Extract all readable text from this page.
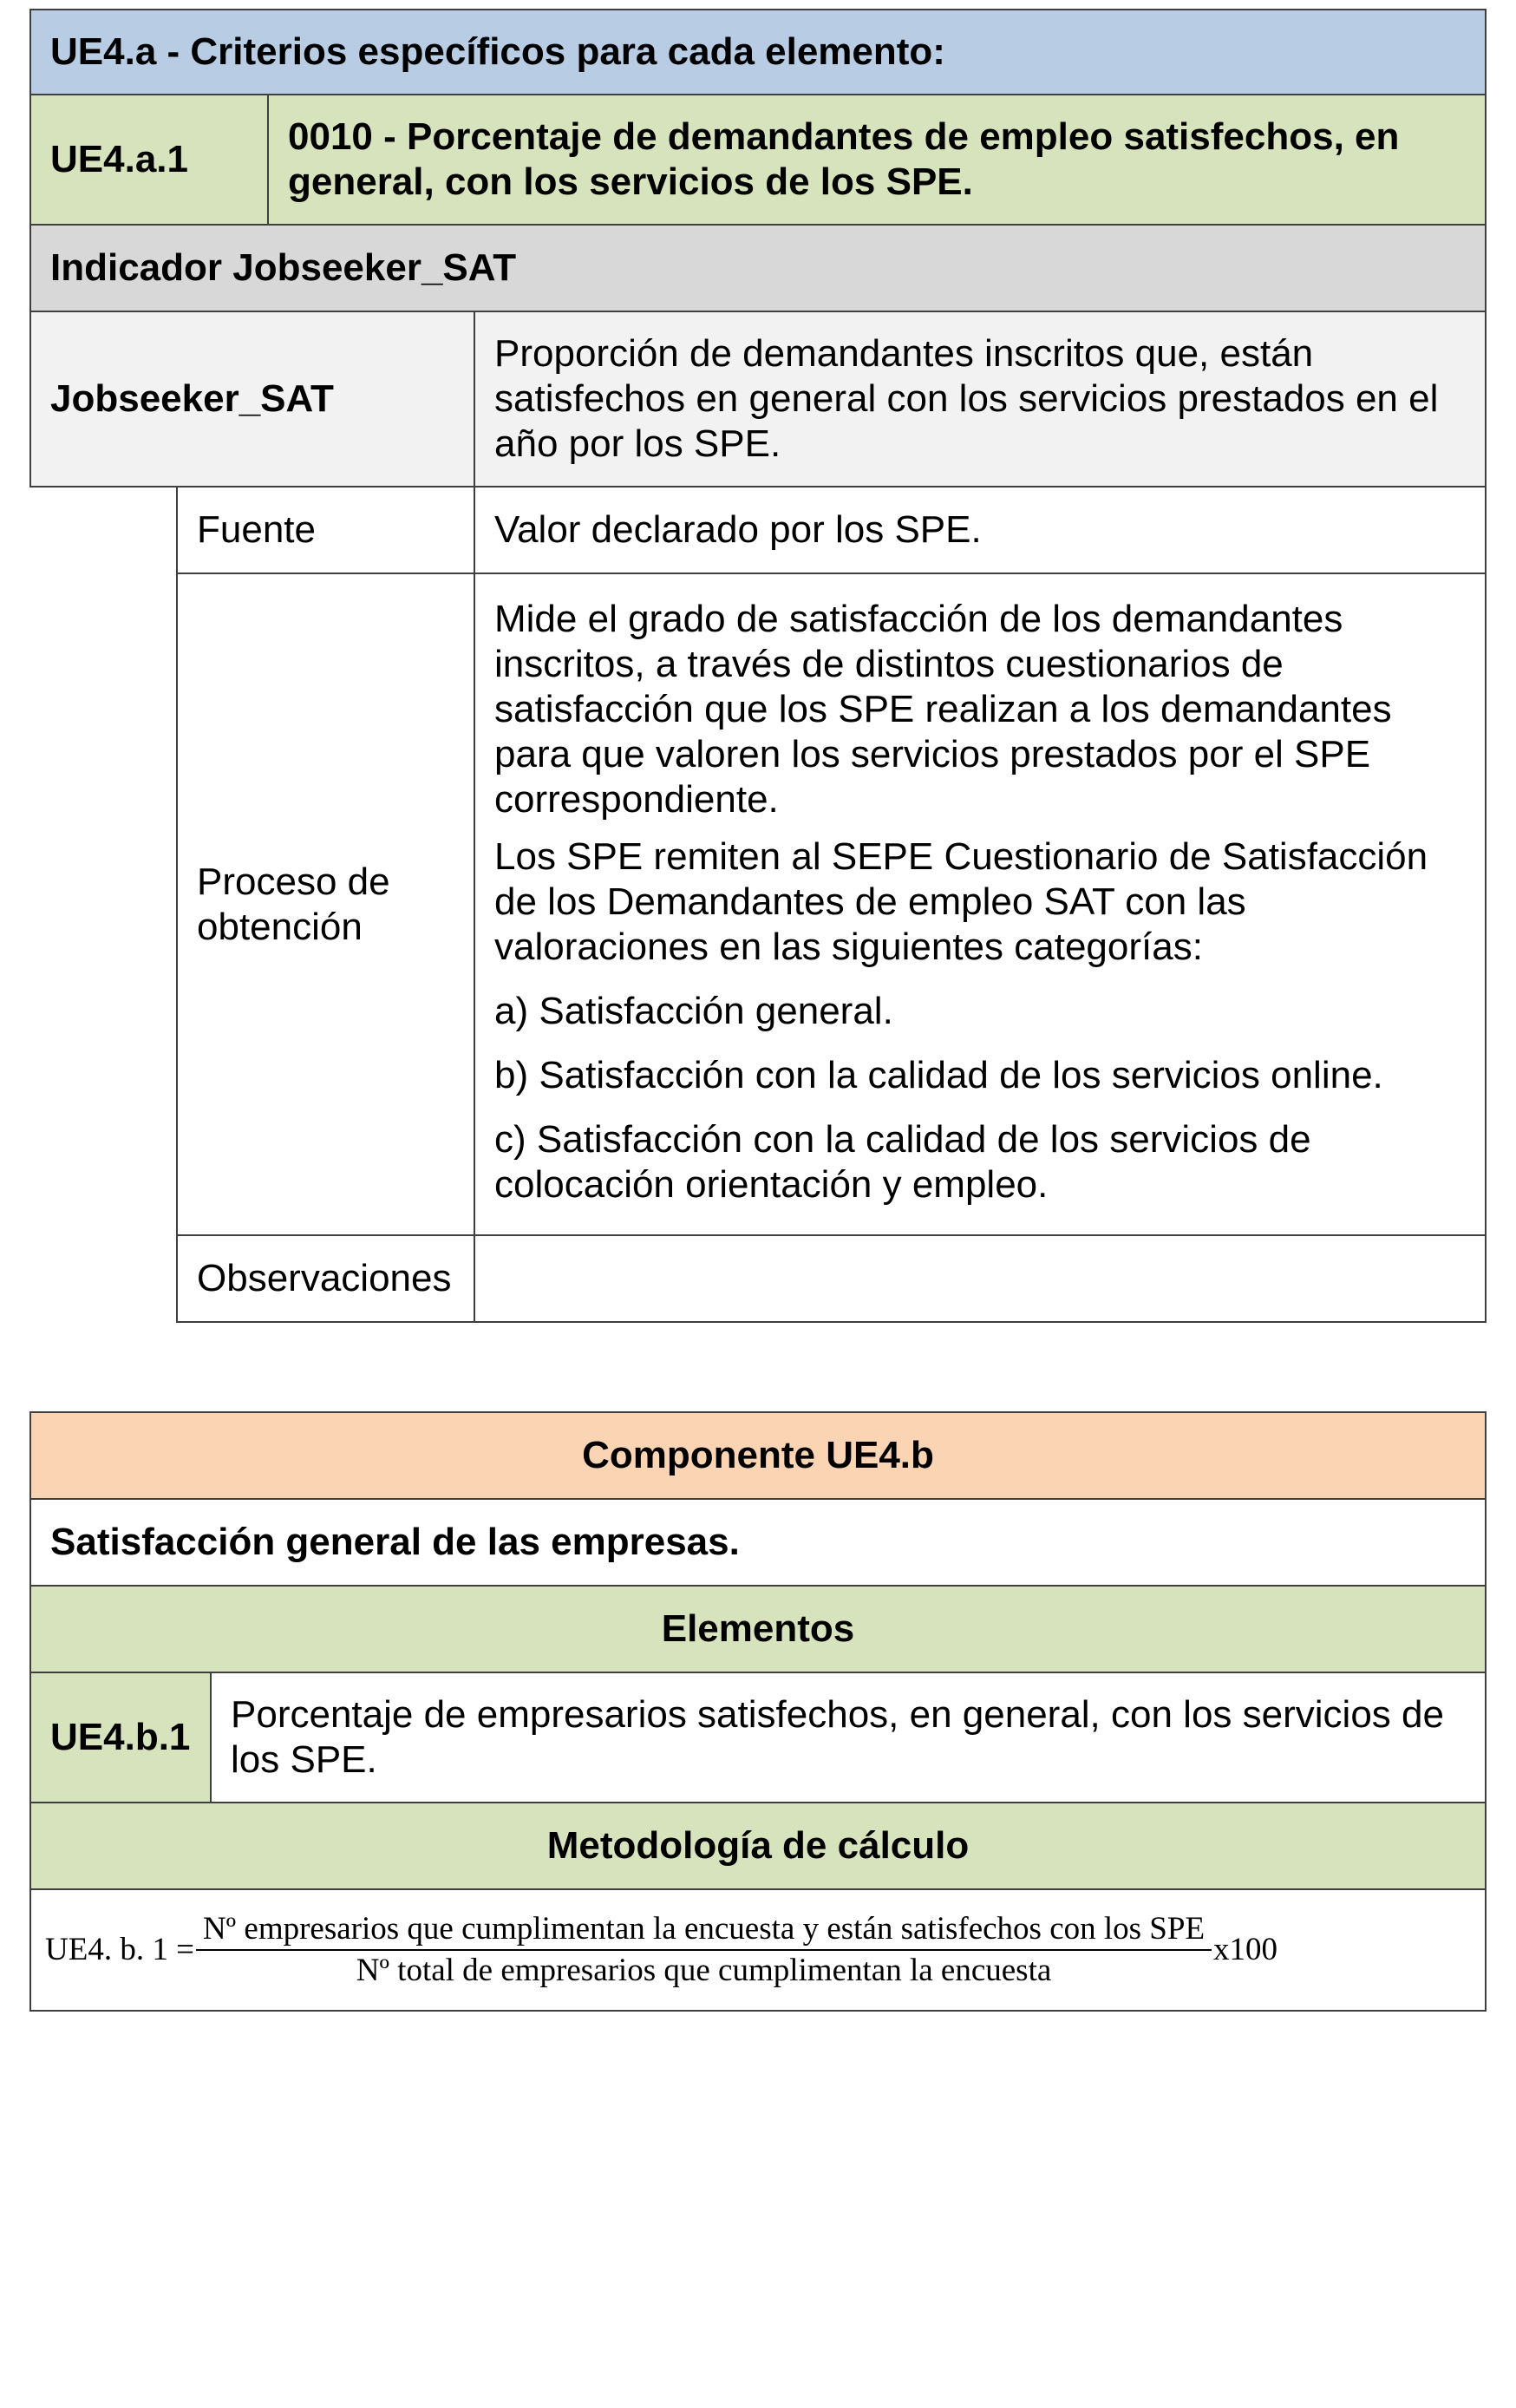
UE4.a - Criterios específicos para cada elemento:
UE4.a.1
0010 - Porcentaje de demandantes de empleo satisfechos, en general, con los servicios de los SPE.
Indicador Jobseeker_SAT
Jobseeker_SAT
Proporción de demandantes inscritos que, están satisfechos en general con los servicios prestados en el año por los SPE.
Fuente	Valor declarado por los SPE.
Proceso de obtención

Mide el grado de satisfacción de los demandantes inscritos, a través de distintos cuestionarios de satisfacción que los SPE realizan a los demandantes para que valoren los servicios prestados por el SPE correspondiente.

Los SPE remiten al SEPE Cuestionario de Satisfacción de los Demandantes de empleo SAT con las valoraciones en las siguientes categorías:

a) Satisfacción general.

b) Satisfacción con la calidad de los servicios online.

c) Satisfacción con la calidad de los servicios de colocación orientación y empleo.

Observaciones
Componente UE4.b
Satisfacción general de las empresas.
Elementos
UE4.b.1
Porcentaje de empresarios satisfechos, en general, con los servicios de los SPE.
Metodología de cálculo
UE4. b. 1 =
Nº empresarios que cumplimentan la encuesta y están satisfechos con los SPE
Nº total de empresarios que cumplimentan la encuesta
x100
